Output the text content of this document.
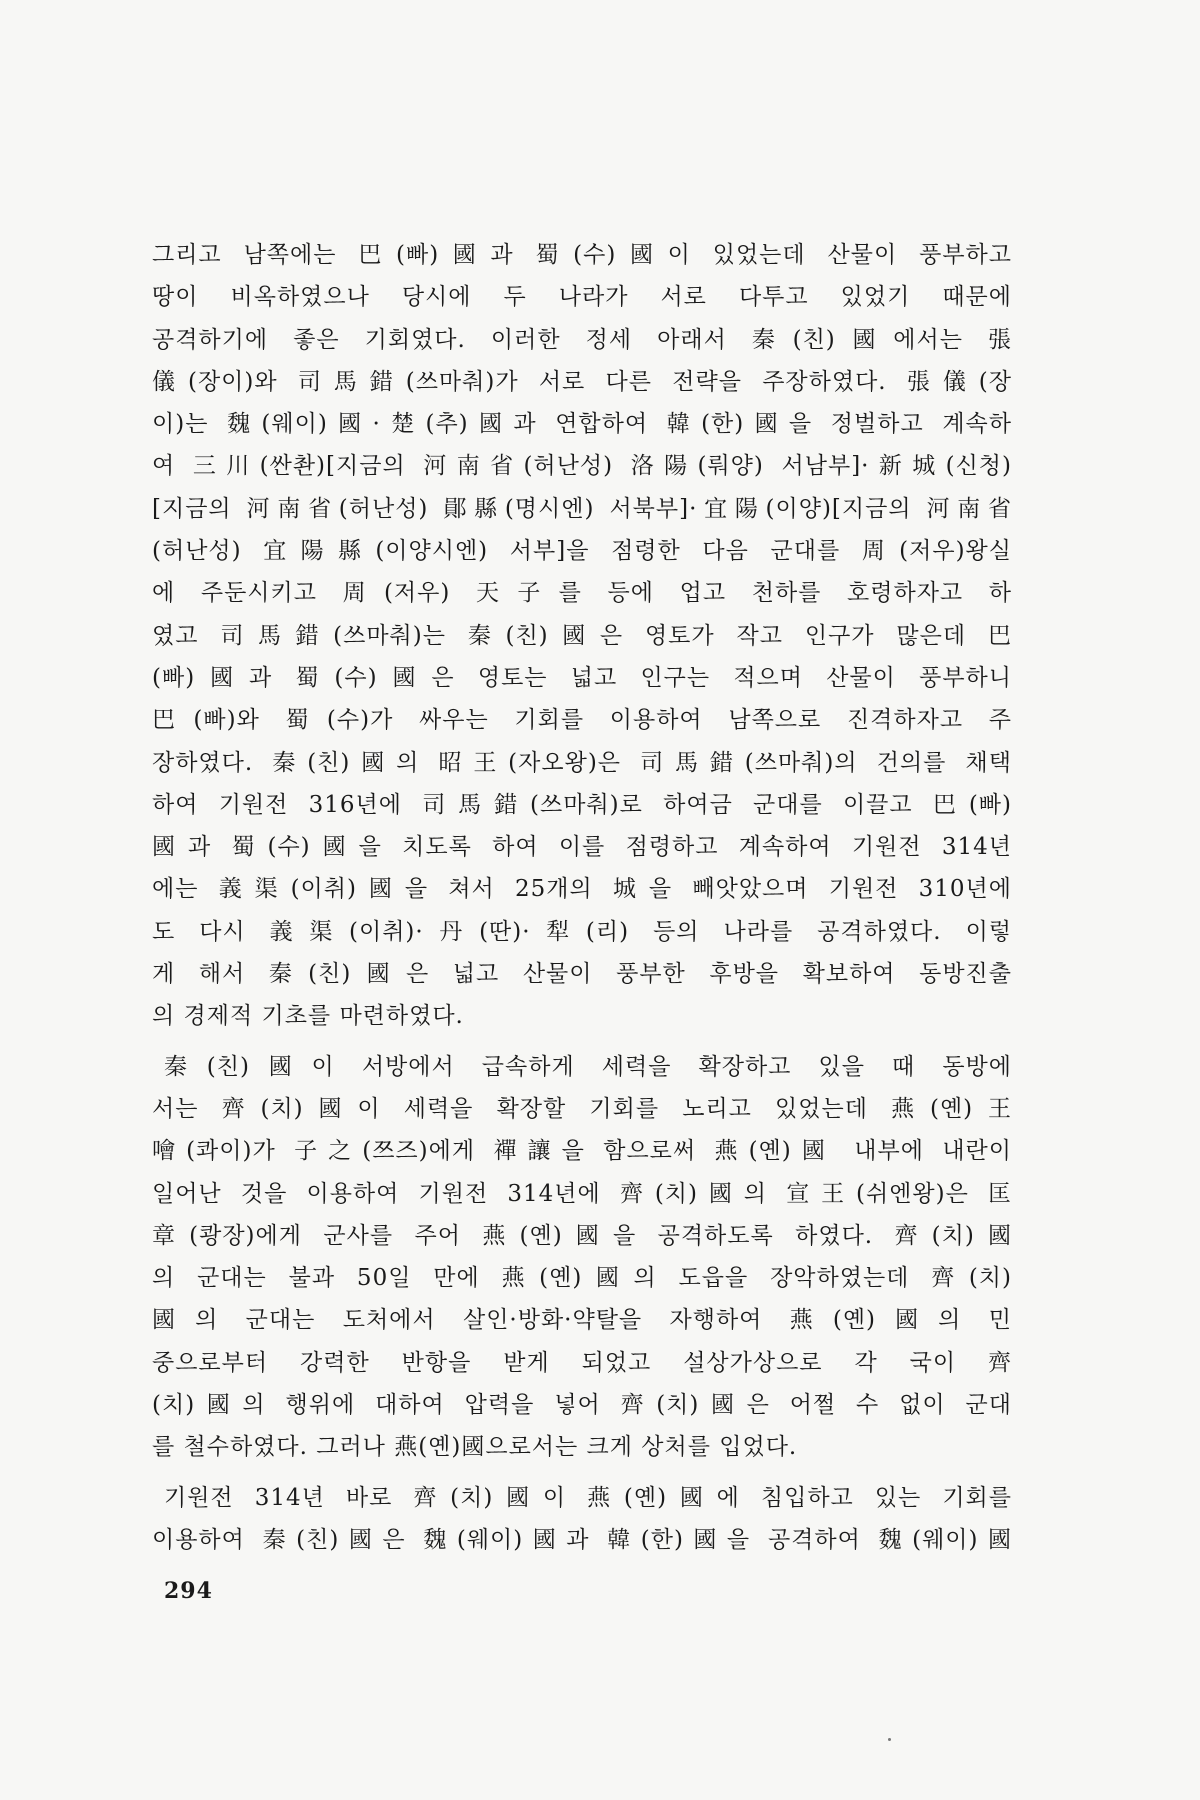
그리고 남쪽에는 巴(빠)國과 蜀(수)國이 있었는데 산물이 풍부하고
땅이 비옥하였으나 당시에 두 나라가 서로 다투고 있었기 때문에
공격하기에 좋은 기회였다. 이러한 정세 아래서 秦(친)國에서는 張
儀(장이)와 司馬錯(쓰마춰)가 서로 다른 전략을 주장하였다. 張儀(장
이)는 魏(웨이)國·楚(추)國과 연합하여 韓(한)國을 정벌하고 계속하
여 三川(싼촨)[지금의 河南省(허난성) 洛陽(뤄양) 서남부]·新城(신청)
[지금의 河南省(허난성) 鄖縣(명시엔) 서북부]·宜陽(이양)[지금의 河南省
(허난성) 宜陽縣(이양시엔) 서부]을 점령한 다음 군대를 周(저우)왕실
에 주둔시키고 周(저우) 天子를 등에 업고 천하를 호령하자고 하
였고 司馬錯(쓰마춰)는 秦(친)國은 영토가 작고 인구가 많은데 巴
(빠)國과 蜀(수)國은 영토는 넓고 인구는 적으며 산물이 풍부하니
巴(빠)와 蜀(수)가 싸우는 기회를 이용하여 남쪽으로 진격하자고 주
장하였다. 秦(친)國의 昭王(자오왕)은 司馬錯(쓰마춰)의 건의를 채택
하여 기원전 316년에 司馬錯(쓰마춰)로 하여금 군대를 이끌고 巴(빠)
國과 蜀(수)國을 치도록 하여 이를 점령하고 계속하여 기원전 314년
에는 義渠(이취)國을 쳐서 25개의 城을 빼앗았으며 기원전 310년에
도 다시 義渠(이취)·丹(딴)·犁(리) 등의 나라를 공격하였다. 이렇
게 해서 秦(친)國은 넓고 산물이 풍부한 후방을 확보하여 동방진출
의 경제적 기초를 마련하였다.
秦(친)國이 서방에서 급속하게 세력을 확장하고 있을 때 동방에
서는 齊(치)國이 세력을 확장할 기회를 노리고 있었는데 燕(옌)王
噲(콰이)가 子之(쯔즈)에게 禪讓을 함으로써 燕(옌)國 내부에 내란이
일어난 것을 이용하여 기원전 314년에 齊(치)國의 宣王(쉬엔왕)은 匡
章(쾅장)에게 군사를 주어 燕(옌)國을 공격하도록 하였다. 齊(치)國
의 군대는 불과 50일 만에 燕(옌)國의 도읍을 장악하였는데 齊(치)
國의 군대는 도처에서 살인·방화·약탈을 자행하여 燕(옌)國의 민
중으로부터 강력한 반항을 받게 되었고 설상가상으로 각 국이 齊
(치)國의 행위에 대하여 압력을 넣어 齊(치)國은 어쩔 수 없이 군대
를 철수하였다. 그러나 燕(옌)國으로서는 크게 상처를 입었다.
기원전 314년 바로 齊(치)國이 燕(옌)國에 침입하고 있는 기회를
이용하여 秦(친)國은 魏(웨이)國과 韓(한)國을 공격하여 魏(웨이)國
294
